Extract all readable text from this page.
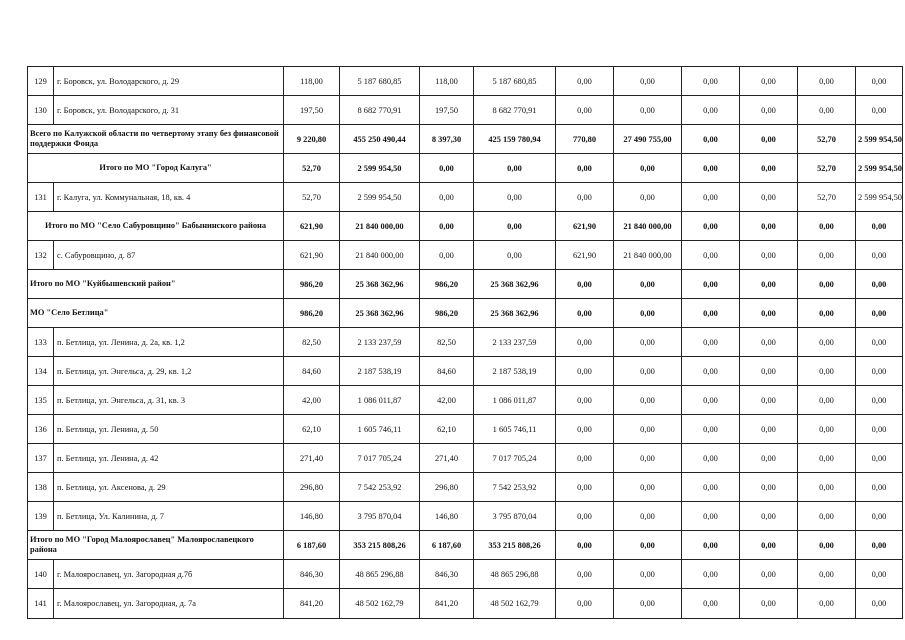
129	г. Боровск, ул. Володарского, д. 29	118,00	5 187 680,85	118,00	5 187 680,85	0,00	0,00	0,00	0,00	0,00	0,00
130	г. Боровск, ул. Володарского, д. 31	197,50	8 682 770,91	197,50	8 682 770,91	0,00	0,00	0,00	0,00	0,00	0,00
Всего по Калужской области по четвертому этапу без финансовой поддержки Фонда		9 220,80	455 250 490,44	8 397,30	425 159 780,94	770,80	27 490 755,00	0,00	0,00	52,70	2 599 954,50
Итого по МО "Город Калуга"		52,70	2 599 954,50	0,00	0,00	0,00	0,00	0,00	0,00	52,70	2 599 954,50
131	г. Калуга, ул. Коммунальная, 18, кв. 4	52,70	2 599 954,50	0,00	0,00	0,00	0,00	0,00	0,00	52,70	2 599 954,50
Итого по МО "Село Сабуровщино" Бабынинского района		621,90	21 840 000,00	0,00	0,00	621,90	21 840 000,00	0,00	0,00	0,00	0,00
132	с. Сабуровщино, д. 87	621,90	21 840 000,00	0,00	0,00	621,90	21 840 000,00	0,00	0,00	0,00	0,00
Итого по МО "Куйбышевский район"		986,20	25 368 362,96	986,20	25 368 362,96	0,00	0,00	0,00	0,00	0,00	0,00
МО "Село Бетлица"		986,20	25 368 362,96	986,20	25 368 362,96	0,00	0,00	0,00	0,00	0,00	0,00
133	п. Бетлица, ул. Ленина, д. 2а, кв. 1,2	82,50	2 133 237,59	82,50	2 133 237,59	0,00	0,00	0,00	0,00	0,00	0,00
134	п. Бетлица, ул. Энгельса, д. 29, кв. 1,2	84,60	2 187 538,19	84,60	2 187 538,19	0,00	0,00	0,00	0,00	0,00	0,00
135	п. Бетлица, ул. Энгельса, д. 31, кв. 3	42,00	1 086 011,87	42,00	1 086 011,87	0,00	0,00	0,00	0,00	0,00	0,00
136	п. Бетлица, ул. Ленина, д. 50	62,10	1 605 746,11	62,10	1 605 746,11	0,00	0,00	0,00	0,00	0,00	0,00
137	п. Бетлица, ул. Ленина, д. 42	271,40	7 017 705,24	271,40	7 017 705,24	0,00	0,00	0,00	0,00	0,00	0,00
138	п. Бетлица, ул. Аксенова, д. 29	296,80	7 542 253,92	296,80	7 542 253,92	0,00	0,00	0,00	0,00	0,00	0,00
139	п. Бетлица, Ул. Калинина, д. 7	146,80	3 795 870,04	146,80	3 795 870,04	0,00	0,00	0,00	0,00	0,00	0,00
Итого по МО "Город Малоярославец" Малоярославецкого района		6 187,60	353 215 808,26	6 187,60	353 215 808,26	0,00	0,00	0,00	0,00	0,00	0,00
140	г. Малоярославец, ул. Загородная д.7б	846,30	48 865 296,88	846,30	48 865 296,88	0,00	0,00	0,00	0,00	0,00	0,00
141	г. Малоярославец, ул. Загородная, д. 7а	841,20	48 502 162,79	841,20	48 502 162,79	0,00	0,00	0,00	0,00	0,00	0,00
